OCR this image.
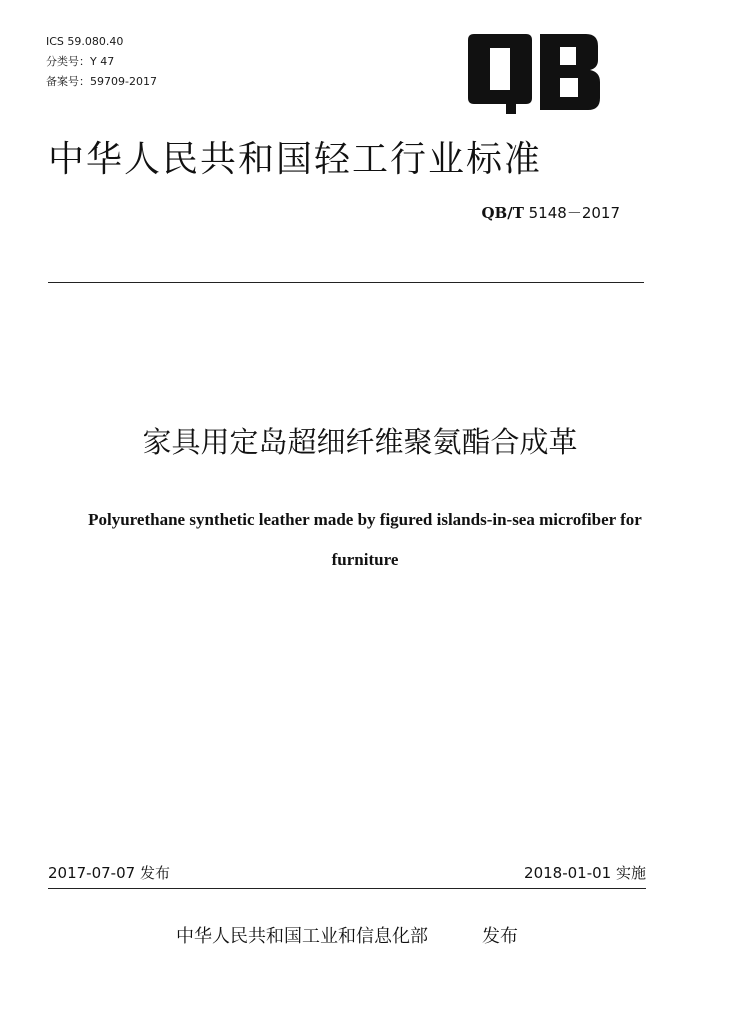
ICS 59.080.40
分类号：Y 47
备案号：59709-2017
中华人民共和国轻工行业标准
QB/T 5148－2017
家具用定岛超细纤维聚氨酯合成革
Polyurethane synthetic leather made by figured islands-in-sea microfiber for
furniture
2017-07-07 发布	2018-01-01 实施
中华人民共和国工业和信息化部	发布
